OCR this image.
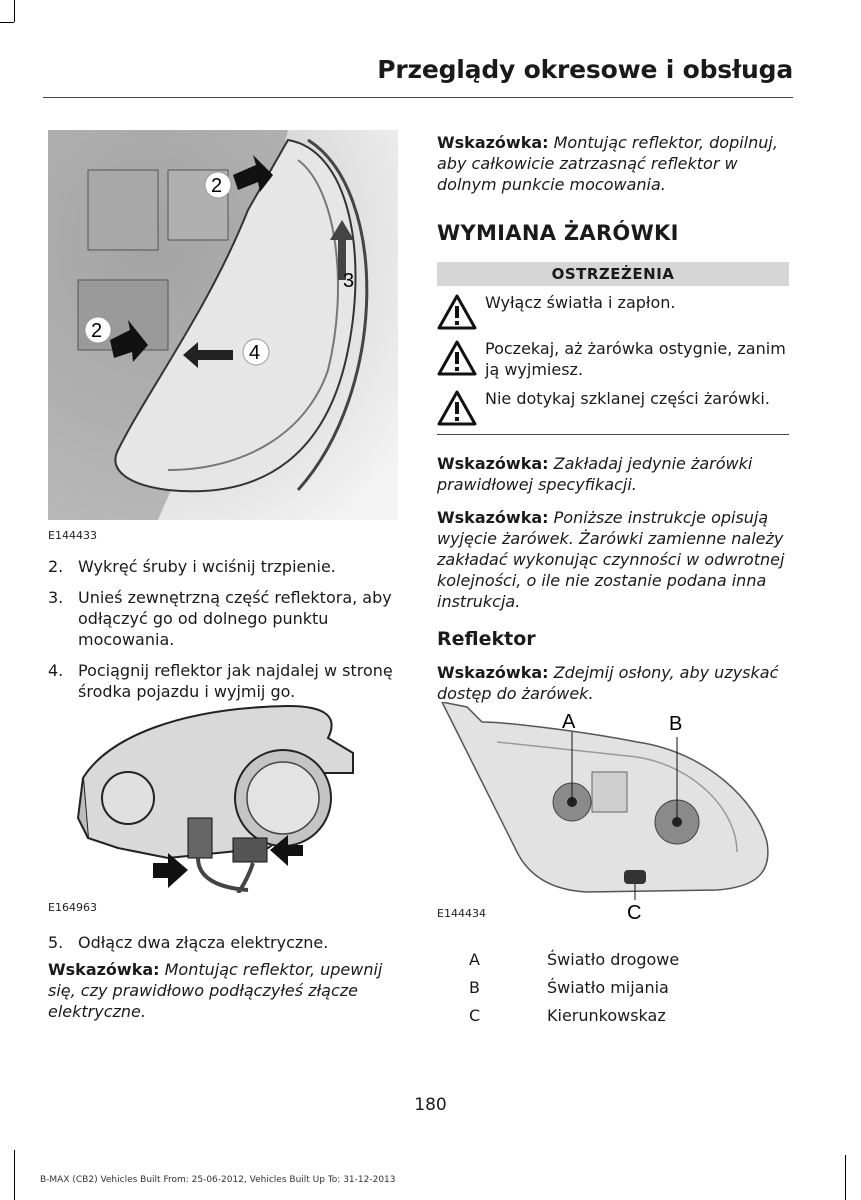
Przeglądy okresowe i obsługa
2
2
3
4
E144433
2. Wykręć śruby i wciśnij trzpienie.
3. Unieś zewnętrzną część reflektora, aby odłączyć go od dolnego punktu mocowania.
4. Pociągnij reflektor jak najdalej w stronę środka pojazdu i wyjmij go.
E164963
5. Odłącz dwa złącza elektryczne.
Wskazówka: Montując reflektor, upewnij się, czy prawidłowo podłączyłeś złącze elektryczne.
Wskazówka: Montując reflektor, dopilnuj, aby całkowicie zatrzasnąć reflektor w dolnym punkcie mocowania.
WYMIANA ŻARÓWKI
OSTRZEŻENIA
Wyłącz światła i zapłon.
Poczekaj, aż żarówka ostygnie, zanim ją wyjmiesz.
Nie dotykaj szklanej części żarówki.
Wskazówka: Zakładaj jedynie żarówki prawidłowej specyfikacji.
Wskazówka: Poniższe instrukcje opisują wyjęcie żarówek. Żarówki zamienne należy zakładać wykonując czynności w odwrotnej kolejności, o ile nie zostanie podana inna instrukcja.
Reflektor
Wskazówka: Zdejmij osłony, aby uzyskać dostęp do żarówek.
A	B
C
E144434
A	Światło drogowe
B	Światło mijania
C	Kierunkowskaz
180
B-MAX (CB2) Vehicles Built From: 25-06-2012, Vehicles Built Up To: 31-12-2013
